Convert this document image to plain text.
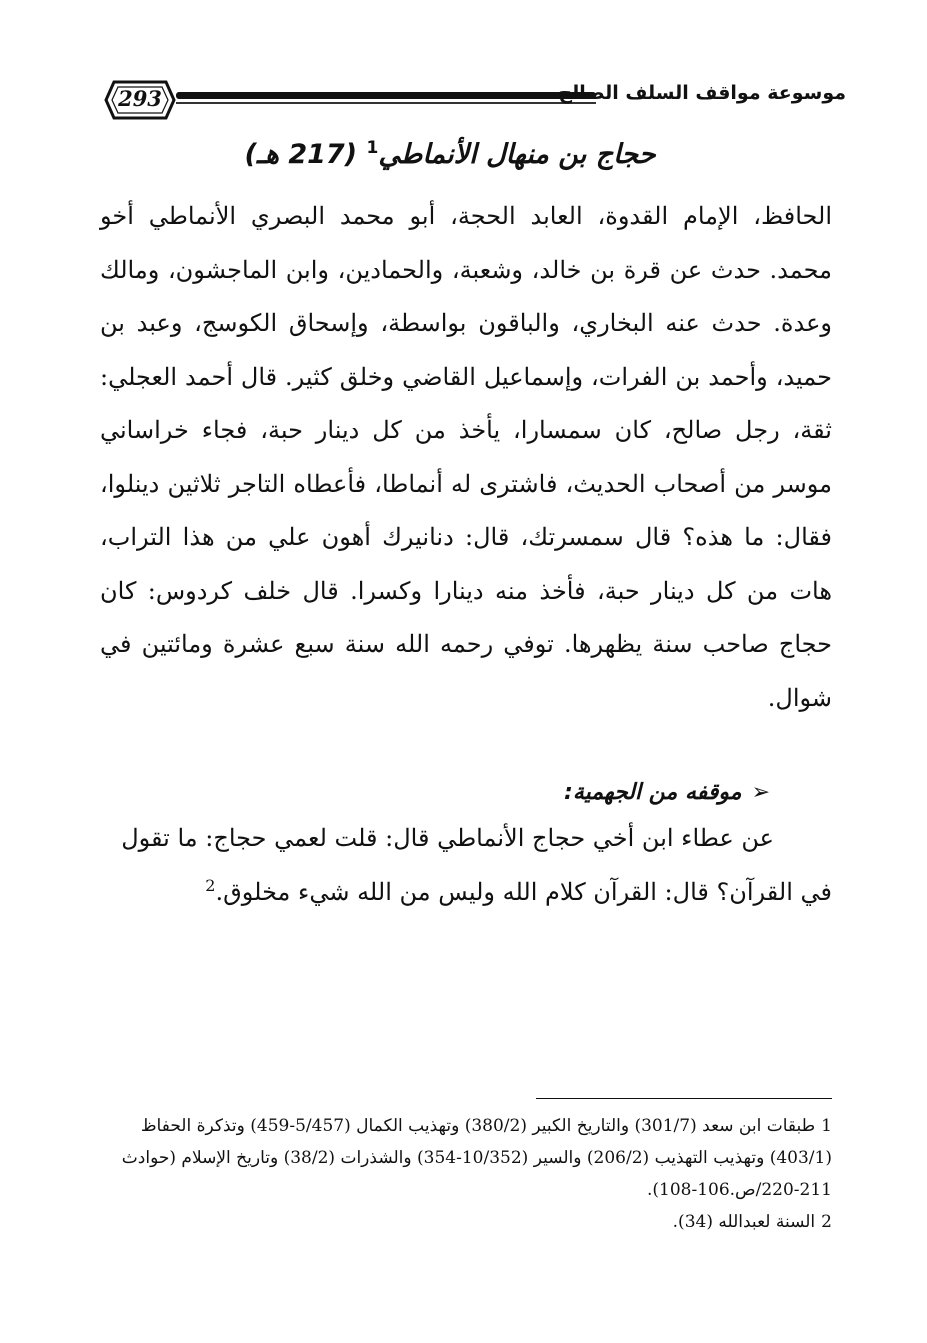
293	موسوعة مواقف السلف الصالح
حجاج بن منهال الأنماطي$^1$ (217 هـ)

الحافظ، الإمام القدوة، العابد الحجة، أبو محمد البصري الأنماطي أخو محمد. حدث عن قرة بن خالد، وشعبة، والحمادين، وابن الماجشون، ومالك وعدة. حدث عنه البخاري، والباقون بواسطة، وإسحاق الكوسج، وعبد بن حميد، وأحمد بن الفرات، وإسماعيل القاضي وخلق كثير. قال أحمد العجلي: ثقة، رجل صالح، كان سمسارا، يأخذ من كل دينار حبة، فجاء خراساني موسر من أصحاب الحديث، فاشترى له أنماطا، فأعطاه التاجر ثلاثين دينلوا، فقال: ما هذه؟ قال سمسرتك، قال: دنانيرك أهون علي من هذا التراب، هات من كل دينار حبة، فأخذ منه دينارا وكسرا. قال خلف كردوس: كان حجاج صاحب سنة يظهرها. توفي رحمه الله سنة سبع عشرة ومائتين في شوال.

➢موقفه من الجهمية:

عن عطاء ابن أخي حجاج الأنماطي قال: قلت لعمي حجاج: ما تقول

في القرآن؟ قال: القرآن كلام الله وليس من الله شيء مخلوق.$^2$

1طبقات ابن سعد (301/7) والتاريخ الكبير (380/2) وتهذيب الكمال (5/457-459) وتذكرة الحفاظ (403/1) وتهذيب التهذيب (206/2) والسير (10/352-354) والشذرات (38/2) وتاريخ الإسلام (حوادث 211-220/ص.106-108).

2السنة لعبدالله (34).
